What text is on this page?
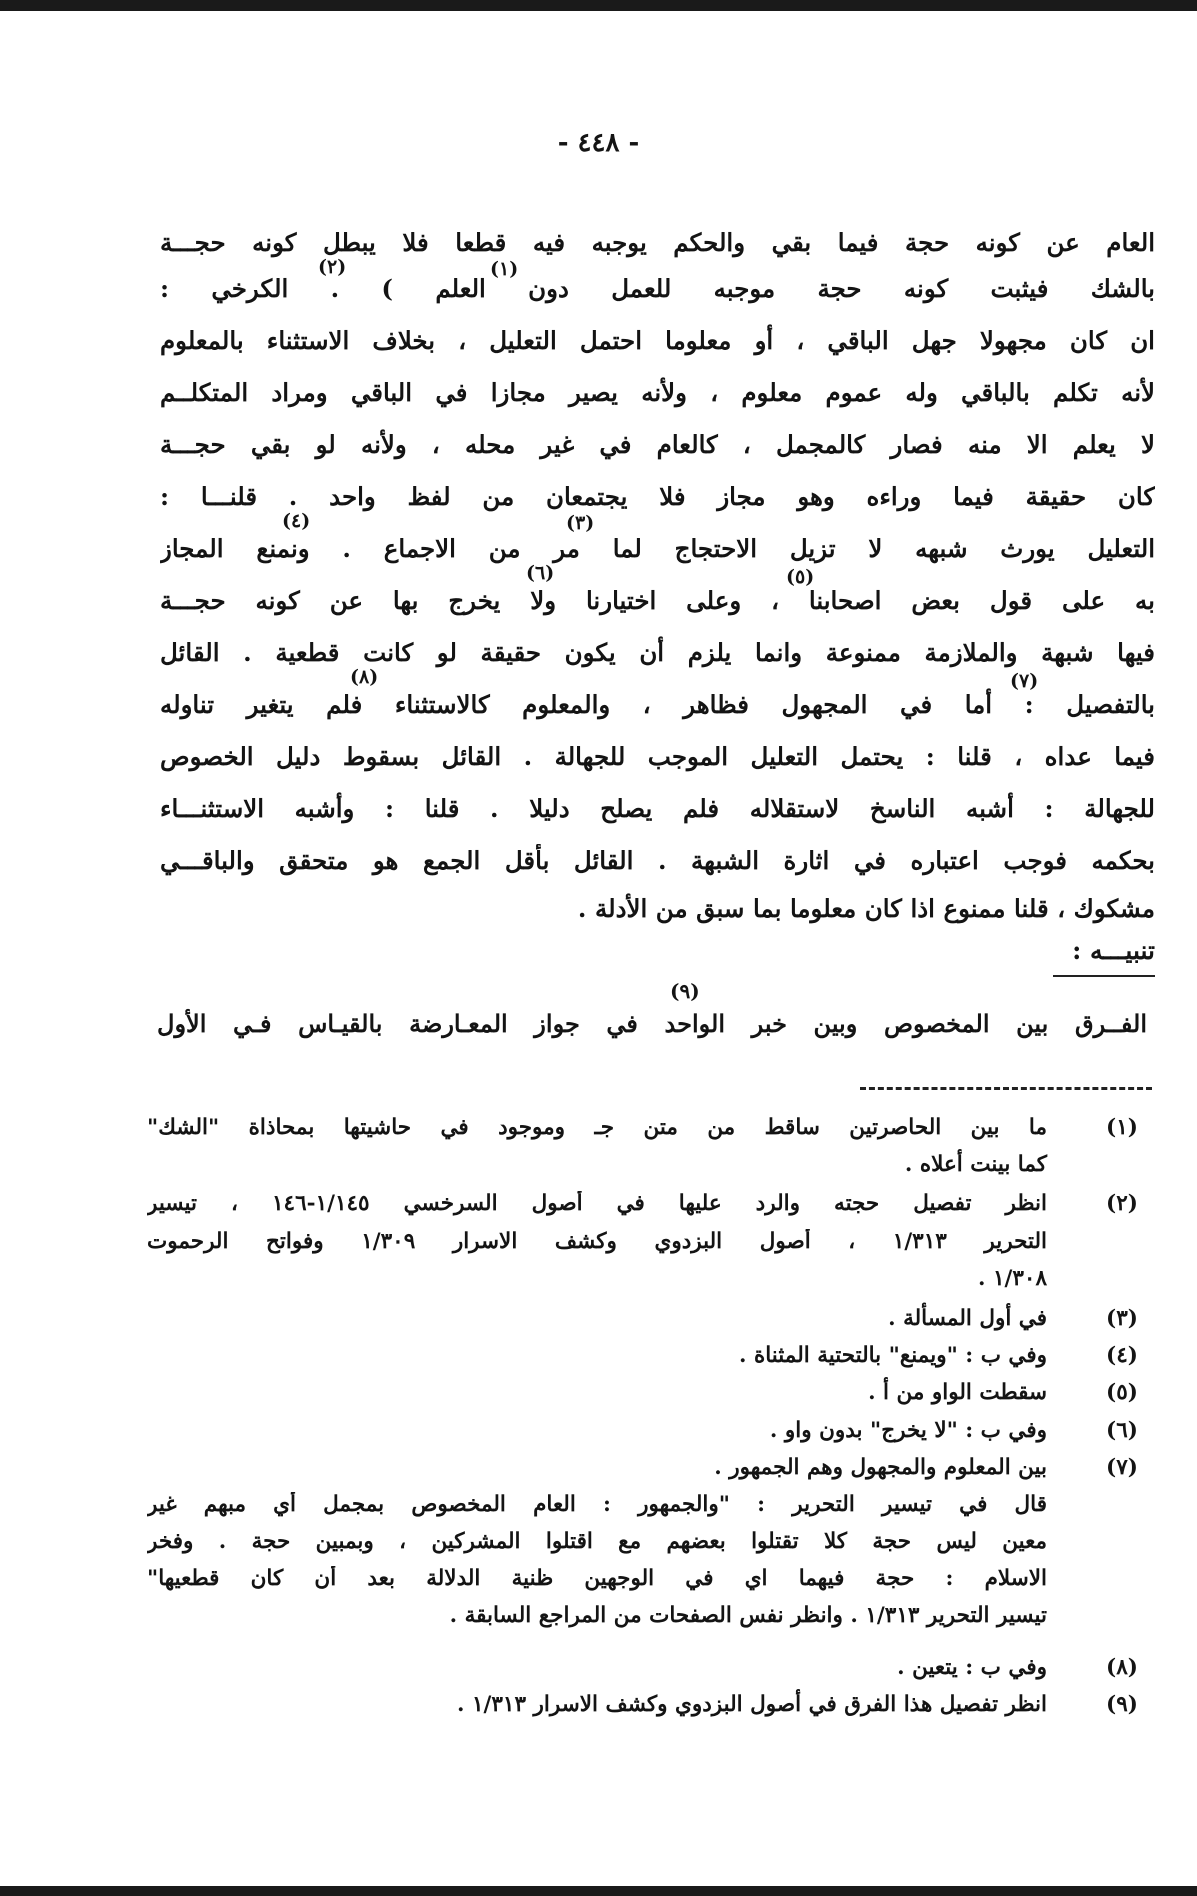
- ٤٤٨ -
العام عن كونه حجة فيما بقي والحكم يوجبه فيه قطعا فلا يبطل كونه حجـــة
بالشك فيثبت كونه حجة موجبه للعمل دون العلم ) . الكرخي :
ان كان مجهولا جهل الباقي ، أو معلوما احتمل التعليل ، بخلاف الاستثناء بالمعلوم
لأنه تكلم بالباقي وله عموم معلوم ، ولأنه يصير مجازا في الباقي ومراد المتكلــم
لا يعلم الا منه فصار كالمجمل ، كالعام في غير محله ، ولأنه لو بقي حجـــة
كان حقيقة فيما وراءه وهو مجاز فلا يجتمعان من لفظ واحد . قلنـــا :
التعليل يورث شبهه لا تزيل الاحتجاج لما مر من الاجماع . ونمنع المجاز
به على قول بعض اصحابنا ، وعلى اختيارنا ولا يخرج بها عن كونه حجـــة
فيها شبهة والملازمة ممنوعة وانما يلزم أن يكون حقيقة لو كانت قطعية . القائل
بالتفصيل : أما في المجهول فظاهر ، والمعلوم كالاستثناء فلم يتغير تناوله
فيما عداه ، قلنا : يحتمل التعليل الموجب للجهالة . القائل بسقوط دليل الخصوص
للجهالة : أشبه الناسخ لاستقلاله فلم يصلح دليلا . قلنا : وأشبه الاستثنـــاء
بحكمه فوجب اعتباره في اثارة الشبهة . القائل بأقل الجمع هو متحقق والباقـــي
مشكوك ، قلنا ممنوع اذا كان معلوما بما سبق من الأدلة .
(٢)	(١)
(٣)
(٤)
(٥)
(٦)
(٧)
(٨)
تنبيـــه :
(٩)
الفــرق بين المخصوص وبين خبر الواحد في جواز المعـارضة بالقيـاس فـي الأول
(١)
ما بين الحاصرتين ساقط من متن جـ وموجود في حاشيتها بمحاذاة "الشك"
كما بينت أعلاه .
(٢)
انظر تفصيل حجته والرد عليها في أصول السرخسي ١/١٤٥-١٤٦ ، تيسير
التحرير ١/٣١٣ ، أصول البزدوي وكشف الاسرار ١/٣٠٩ وفواتح الرحموت
١/٣٠٨ .
(٣)
في أول المسألة .
(٤)
وفي ب : "ويمنع" بالتحتية المثناة .
(٥)
سقطت الواو من أ .
(٦)
وفي ب : "لا يخرج" بدون واو .
(٧)
بين المعلوم والمجهول وهم الجمهور .
قال في تيسير التحرير : "والجمهور : العام المخصوص بمجمل أي مبهم غير
معين ليس حجة كلا تقتلوا بعضهم مع اقتلوا المشركين ، وبمبين حجة . وفخر
الاسلام : حجة فيهما اي في الوجهين ظنية الدلالة بعد أن كان قطعيها"
تيسير التحرير ١/٣١٣ . وانظر نفس الصفحات من المراجع السابقة .
(٨)
وفي ب : يتعين .
(٩)
انظر تفصيل هذا الفرق في أصول البزدوي وكشف الاسرار ١/٣١٣ .
